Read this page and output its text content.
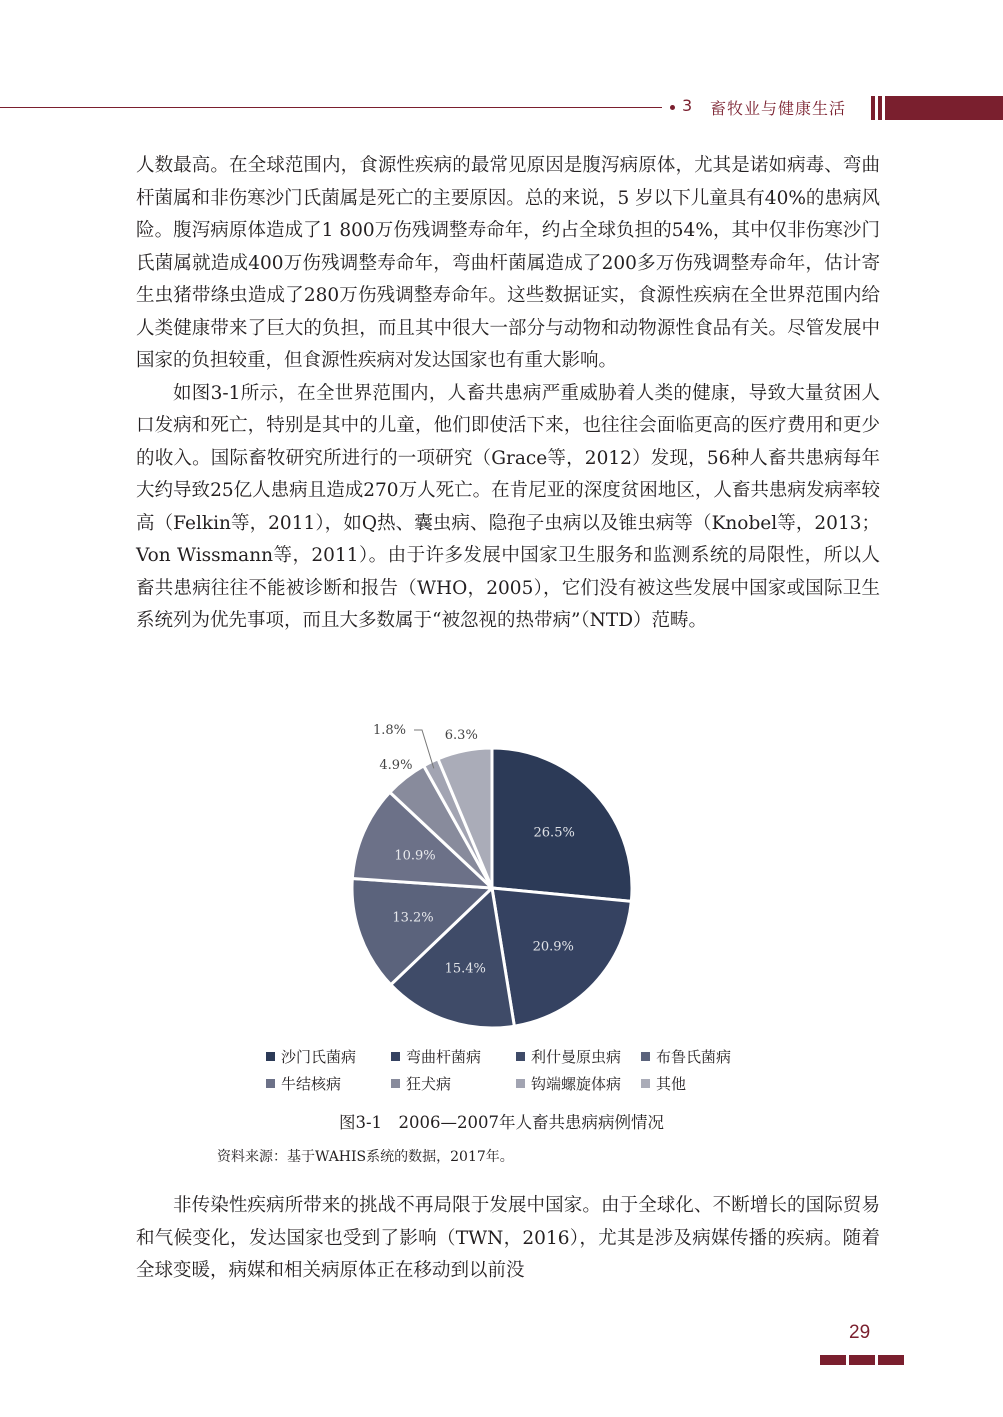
3 畜牧业与健康生活

人数最高。在全球范围内，食源性疾病的最常见原因是腹泻病原体，尤其是诺如病毒、弯曲杆菌属和非伤寒沙门氏菌属是死亡的主要原因。总的来说，5 岁以下儿童具有40%的患病风险。腹泻病原体造成了1 800万伤残调整寿命年，约占全球负担的54%，其中仅非伤寒沙门氏菌属就造成400万伤残调整寿命年，弯曲杆菌属造成了200多万伤残调整寿命年，估计寄生虫猪带绦虫造成了280万伤残调整寿命年。这些数据证实，食源性疾病在全世界范围内给人类健康带来了巨大的负担，而且其中很大一部分与动物和动物源性食品有关。尽管发展中国家的负担较重，但食源性疾病对发达国家也有重大影响。

如图3-1所示，在全世界范围内，人畜共患病严重威胁着人类的健康，导致大量贫困人口发病和死亡，特别是其中的儿童，他们即使活下来，也往往会面临更高的医疗费用和更少的收入。国际畜牧研究所进行的一项研究（Grace等，2012）发现，56种人畜共患病每年大约导致25亿人患病且造成270万人死亡。在肯尼亚的深度贫困地区，人畜共患病发病率较高（Felkin等，2011），如Q热、囊虫病、隐孢子虫病以及锥虫病等（Knobel等，2013；Von Wissmann等，2011）。由于许多发展中国家卫生服务和监测系统的局限性，所以人畜共患病往往不能被诊断和报告（WHO，2005），它们没有被这些发展中国家或国际卫生系统列为优先事项，而且大多数属于“被忽视的热带病”（NTD）范畴。

26.5%
20.9%
15.4%
13.2%
10.9%
4.9%
1.8%	6.3%
沙门氏菌病	弯曲杆菌病	利什曼原虫病 布鲁氏菌病
牛结核病	狂犬病	钩端螺旋体病 其他
图3-1　2006—2007年人畜共患病病例情况
资料来源：基于WAHIS系统的数据，2017年。

非传染性疾病所带来的挑战不再局限于发展中国家。由于全球化、不断增长的国际贸易和气候变化，发达国家也受到了影响（TWN，2016），尤其是涉及病媒传播的疾病。随着全球变暖，病媒和相关病原体正在移动到以前没

29
